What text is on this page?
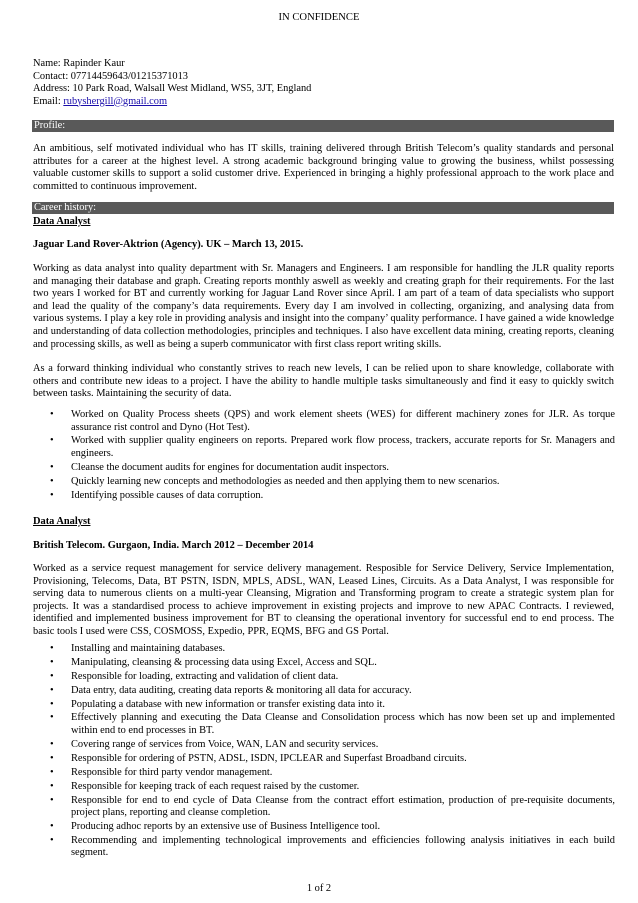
IN CONFIDENCE
Name: Rapinder Kaur
Contact: 07714459643/01215371013
Address: 10 Park Road, Walsall West Midland, WS5, 3JT, England
Email: rubyshergill@gmail.com
Profile:
An ambitious, self motivated individual who has IT skills, training delivered through British Telecom’s quality standards and personal attributes for a career at the highest level. A strong academic background bringing value to growing the business, whilst possessing valuable customer skills to support a solid customer drive. Experienced in bringing a highly professional approach to the work place and committed to continuous improvement.
Career history:
Data Analyst
Jaguar Land Rover-Aktrion (Agency). UK – March 13, 2015.
Working as data analyst into quality department with Sr. Managers and Engineers. I am responsible for handling the JLR quality reports and managing their database and graph. Creating reports monthly aswell as weekly and creating graph for their requirements. For the last two years I worked for BT and currently working for Jaguar Land Rover since April. I am part of a team of data specialists who support and lead the quality of the company’s data requirements. Every day I am involved in collecting, organizing, and analysing data from various systems. I play a key role in providing analysis and insight into the company’ quality performance. I have gained a wide knowledge and understanding of data collection methodologies, principles and techniques. I also have excellent data mining, creating reports, cleaning and processing skills, as well as being a superb communicator with first class report writing skills.
As a forward thinking individual who constantly strives to reach new levels, I can be relied upon to share knowledge, collaborate with others and contribute new ideas to a project. I have the ability to handle multiple tasks simultaneously and find it easy to quickly switch between tasks. Maintaining the security of data.
• Worked on Quality Process sheets (QPS) and work element sheets (WES) for different machinery zones for JLR. As torque assurance rist control and Dyno (Hot Test).
• Worked with supplier quality engineers on reports. Prepared work flow process, trackers, accurate reports for Sr. Managers and engineers.
• Cleanse the document audits for engines for documentation audit inspectors.
• Quickly learning new concepts and methodologies as needed and then applying them to new scenarios.
• Identifying possible causes of data corruption.
Data Analyst
British Telecom. Gurgaon, India. March 2012 – December 2014
Worked as a service request management for service delivery management. Resposible for Service Delivery, Service Implementation, Provisioning, Telecoms, Data, BT PSTN, ISDN, MPLS, ADSL, WAN, Leased Lines, Circuits. As a Data Analyst, I was responsible for serving data to numerous clients on a multi-year Cleansing, Migration and Transforming program to create a strategic system plan for projects. It was a standardised process to achieve improvement in existing projects and improve to new APAC Contracts. I reviewed, identified and implemented business improvement for BT to cleansing the operational inventory for successful end to end process. The basic tools I used were CSS, COSMOSS, Expedio, PPR, EQMS, BFG and GS Portal.
• Installing and maintaining databases.
• Manipulating, cleansing & processing data using Excel, Access and SQL.
• Responsible for loading, extracting and validation of client data.
• Data entry, data auditing, creating data reports & monitoring all data for accuracy.
• Populating a database with new information or transfer existing data into it.
• Effectively planning and executing the Data Cleanse and Consolidation process which has now been set up and implemented within end to end processes in BT.
• Covering range of services from Voice, WAN, LAN and security services.
• Responsible for ordering of PSTN, ADSL, ISDN, IPCLEAR and Superfast Broadband circuits.
• Responsible for third party vendor management.
• Responsible for keeping track of each request raised by the customer.
• Responsible for end to end cycle of Data Cleanse from the contract effort estimation, production of pre-requisite documents, project plans, reporting and cleanse completion.
• Producing adhoc reports by an extensive use of Business Intelligence tool.
• Recommending and implementing technological improvements and efficiencies following analysis initiatives in each build segment.
1 of 2
